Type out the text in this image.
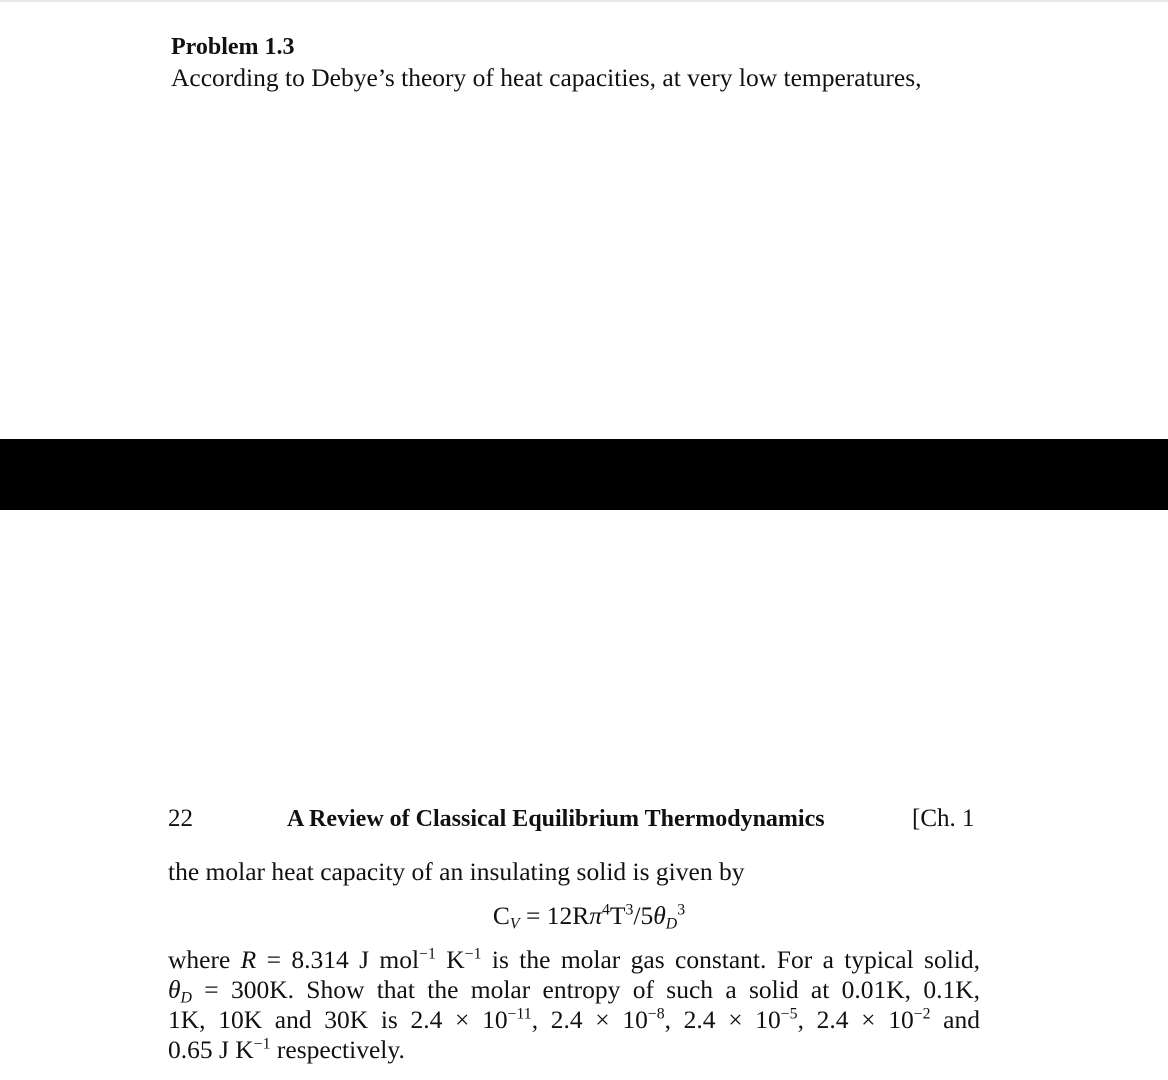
Problem 1.3
According to Debye’s theory of heat capacities, at very low temperatures,
22	A Review of Classical Equilibrium Thermodynamics	[Ch. 1
the molar heat capacity of an insulating solid is given by
$C_V = 12R\pi^4T^3/5\theta_D^3$
where R = 8.314 J mol$^{-1}$ $K^{-1}$ is the molar gas constant. For a typical solid,
$\theta_D = 300K$. Show that the molar entropy of such a solid at 0.01K, 0.1K,
1K, 10K and 30K is $2.4 \times 10^{-11}$, $2.4 \times 10^{-8}$, $2.4 \times 10^{-5}$, $2.4 \times 10^{-2}$ and
0.65 J $K^{-1}$ respectively.
